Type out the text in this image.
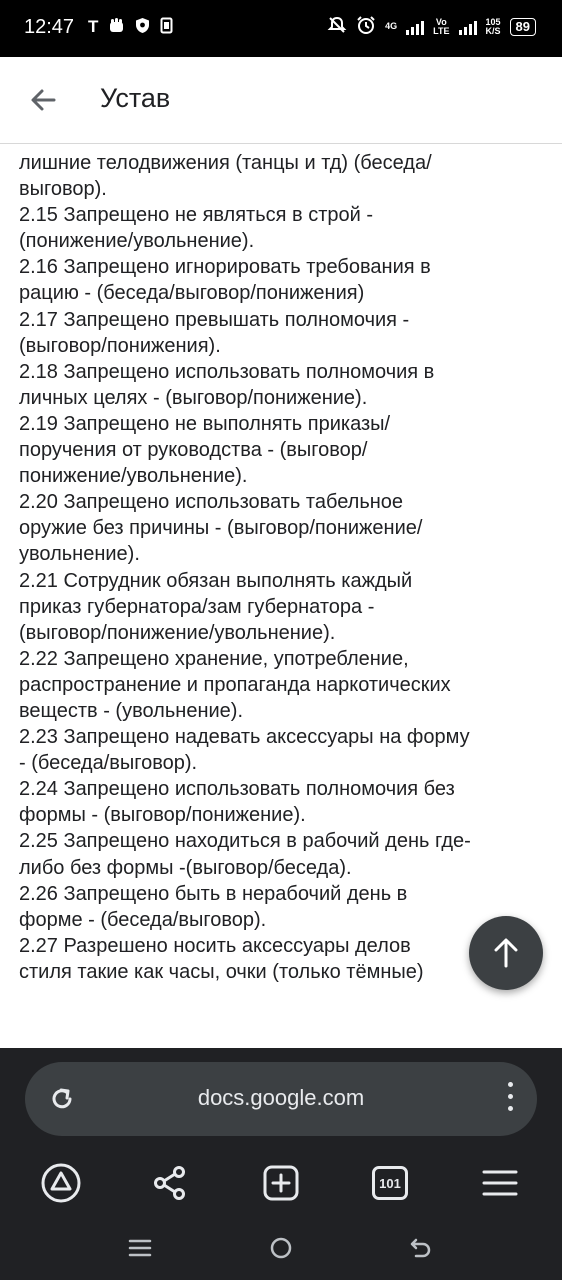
12:47 T	4G	Vo
LTE
105
K/S	89
Устав

лишние телодвижения (танцы и тд) (беседа/

выговор).

2.15 Запрещено не являться в строй -

(понижение/увольнение).

2.16 Запрещено игнорировать требования в

рацию - (беседа/выговор/понижения)

2.17 Запрещено превышать полномочия -

(выговор/понижения).

2.18 Запрещено использовать полномочия в

личных целях - (выговор/понижение).

2.19 Запрещено не выполнять приказы/

поручения от руководства - (выговор/

понижение/увольнение).

2.20 Запрещено использовать табельное

оружие без причины - (выговор/понижение/

увольнение).

2.21 Сотрудник обязан выполнять каждый

приказ губернатора/зам губернатора -

(выговор/понижение/увольнение).

2.22 Запрещено хранение, употребление,

распространение и пропаганда наркотических

веществ - (увольнение).

2.23 Запрещено надевать аксессуары на форму

- (беседа/выговор).

2.24 Запрещено использовать полномочия без

формы - (выговор/понижение).

2.25 Запрещено находиться в рабочий день где-

либо без формы -(выговор/беседа).

2.26 Запрещено быть в нерабочий день в

форме - (беседа/выговор).

2.27 Разрешено носить аксессуары делов

стиля такие как часы, очки (только тёмные)

docs.google.com
101
